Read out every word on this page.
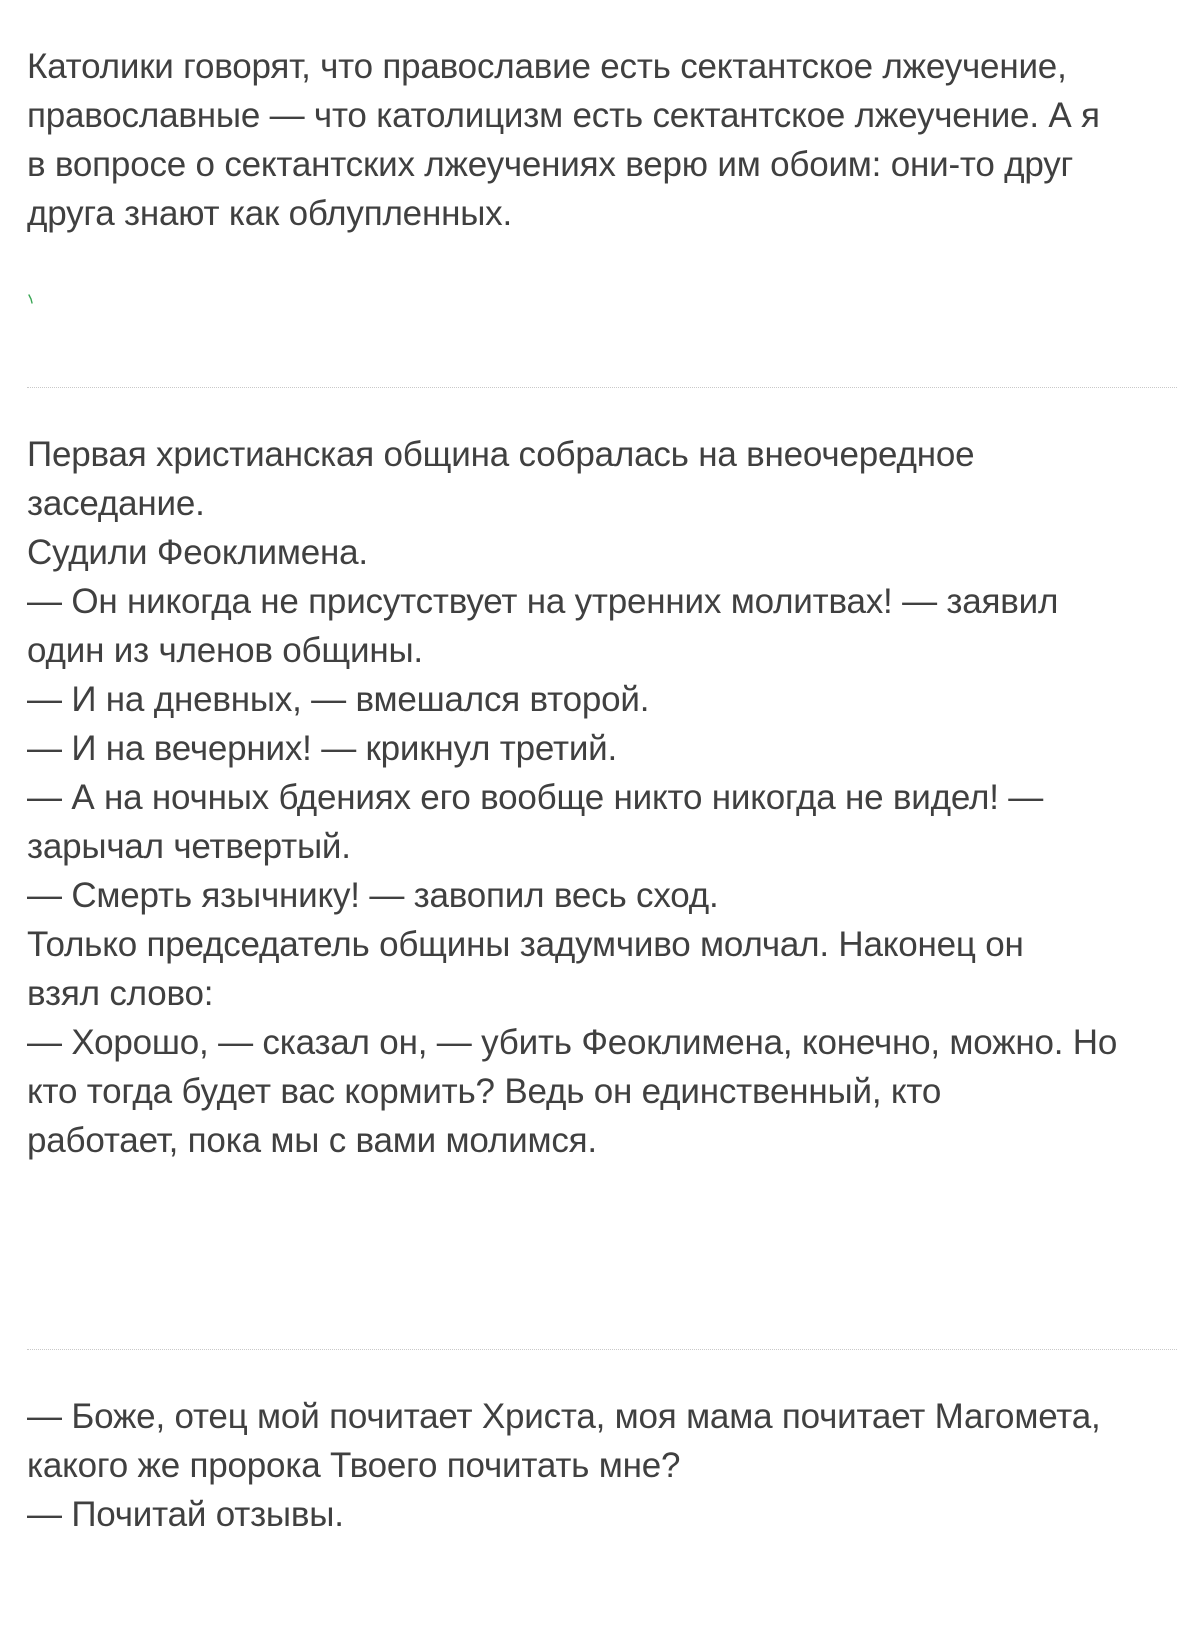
Католики говорят, что православие есть сектантское лжеучение,
православные — что католицизм есть сектантское лжеучение. А я
в вопросе о сектантских лжеучениях верю им обоим: они-то друг
друга знают как облупленных.
Первая христианская община собралась на внеочередное
заседание.
Судили Феоклимена.
— Он никогда не присутствует на утренних молитвах! — заявил
один из членов общины.
— И на дневных, — вмешался второй.
— И на вечерних! — крикнул третий.
— А на ночных бдениях его вообще никто никогда не видел! —
зарычал четвертый.
— Смерть язычнику! — завопил весь сход.
Только председатель общины задумчиво молчал. Наконец он
взял слово:
— Хорошо, — сказал он, — убить Феоклимена, конечно, можно. Но
кто тогда будет вас кормить? Ведь он единственный, кто
работает, пока мы с вами молимся.
— Боже, отец мой почитает Христа, моя мама почитает Магомета,
какого же пророка Твоего почитать мне?
— Почитай отзывы.
